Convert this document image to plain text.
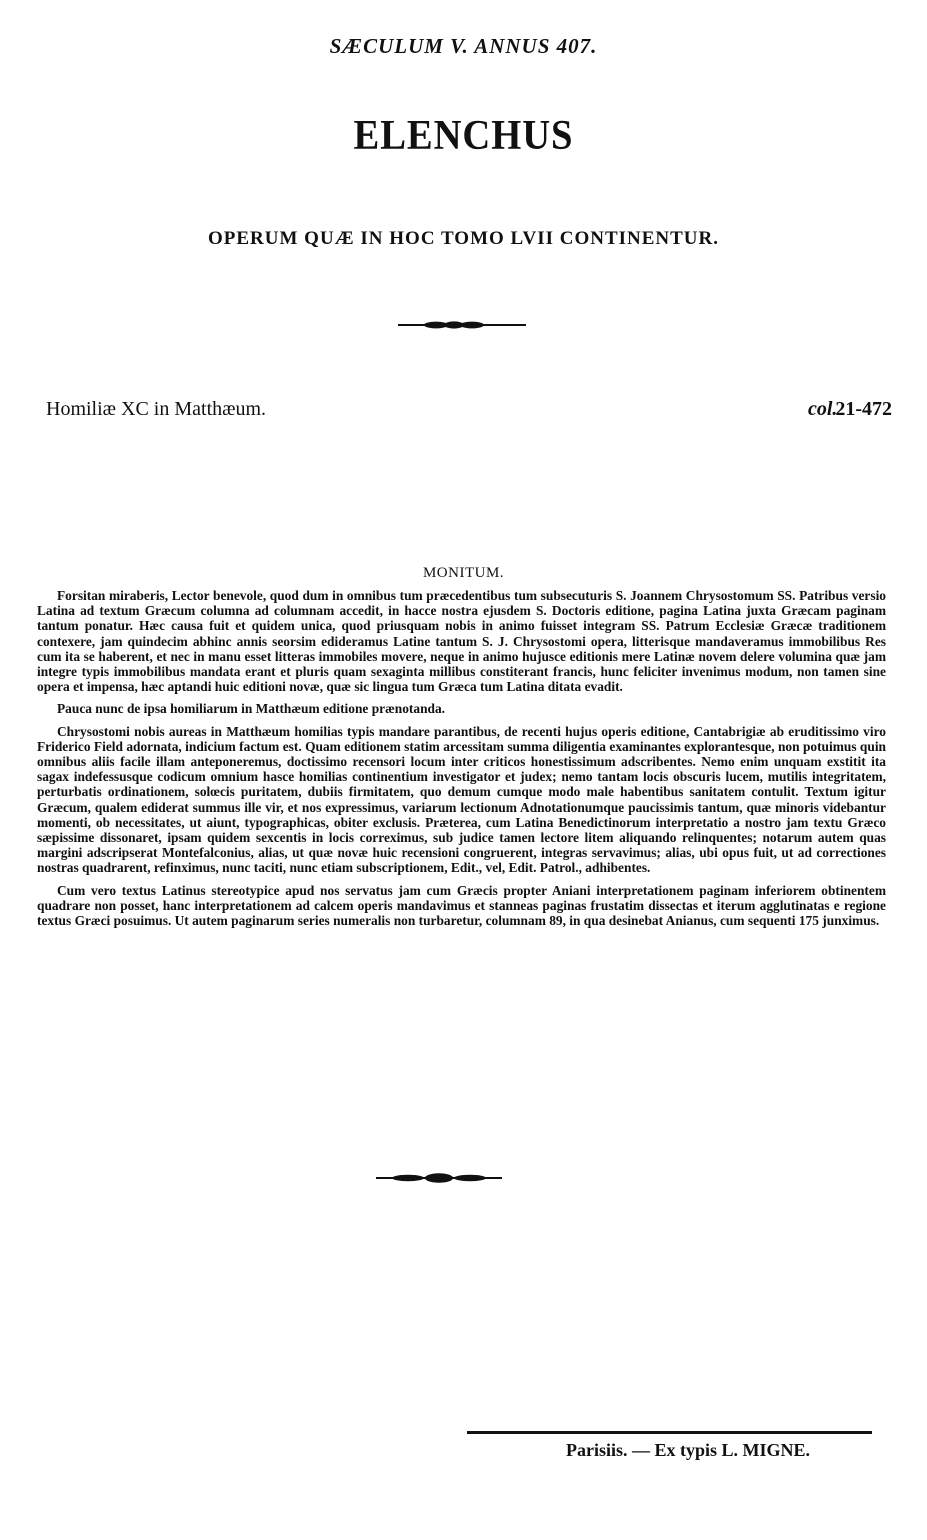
SÆCULUM V. ANNUS 407.
ELENCHUS
OPERUM QUÆ IN HOC TOMO LVII CONTINENTUR.
Homiliæ XC in Matthæum.	col.
21-472
MONITUM.

Forsitan miraberis, Lector benevole, quod dum in omnibus tum præcedentibus tum subsecuturis S. Joannem Chrysostomum SS. Patribus versio Latina ad textum Græcum columna ad columnam accedit, in hacce nostra ejusdem S. Doctoris editione, pagina Latina juxta Græcam paginam tantum ponatur. Hæc causa fuit et quidem unica, quod priusquam nobis in animo fuisset integram SS. Patrum Ecclesiæ Græcæ traditionem contexere, jam quindecim abhinc annis seorsim edideramus Latine tantum S. J. Chrysostomi opera, litterisque mandaveramus immobilibus Res cum ita se haberent, et nec in manu esset litteras immobiles movere, neque in animo hujusce editionis mere Latinæ novem delere volumina quæ jam integre typis immobilibus mandata erant et pluris quam sexaginta millibus constiterant francis, hunc feliciter invenimus modum, non tamen sine opera et impensa, hæc aptandi huic editioni novæ, quæ sic lingua tum Græca tum Latina ditata evadit.

Pauca nunc de ipsa homiliarum in Matthæum editione prænotanda.

Chrysostomi nobis aureas in Matthæum homilias typis mandare parantibus, de recenti hujus operis editione, Cantabrigiæ ab eruditissimo viro Friderico Field adornata, indicium factum est. Quam editionem statim arcessitam summa diligentia examinantes explorantesque, non potuimus quin omnibus aliis facile illam anteponeremus, doctissimo recensori locum inter criticos honestissimum adscribentes. Nemo enim unquam exstitit ita sagax indefessusque codicum omnium hasce homilias continentium investigator et judex; nemo tantam locis obscuris lucem, mutilis integritatem, perturbatis ordinationem, solœcis puritatem, dubiis firmitatem, quo demum cumque modo male habentibus sanitatem contulit. Textum igitur Græcum, qualem ediderat summus ille vir, et nos expressimus, variarum lectionum Adnotationumque paucissimis tantum, quæ minoris videbantur momenti, ob necessitates, ut aiunt, typographicas, obiter exclusis. Præterea, cum Latina Benedictinorum interpretatio a nostro jam textu Græco sæpissime dissonaret, ipsam quidem sexcentis in locis correximus, sub judice tamen lectore litem aliquando relinquentes; notarum autem quas margini adscripserat Montefalconius, alias, ut quæ novæ huic recensioni congruerent, integras servavimus; alias, ubi opus fuit, ut ad correctiones nostras quadrarent, refinximus, nunc taciti, nunc etiam subscriptionem, Edit., vel, Edit. Patrol., adhibentes.

Cum vero textus Latinus stereotypice apud nos servatus jam cum Græcis propter Aniani interpretationem paginam inferiorem obtinentem quadrare non posset, hanc interpretationem ad calcem operis mandavimus et stanneas paginas frustatim dissectas et iterum agglutinatas e regione textus Græci posuimus. Ut autem paginarum series numeralis non turbaretur, columnam 89, in qua desinebat Anianus, cum sequenti 175 junximus.

Parisiis. — Ex typis L. MIGNE.
